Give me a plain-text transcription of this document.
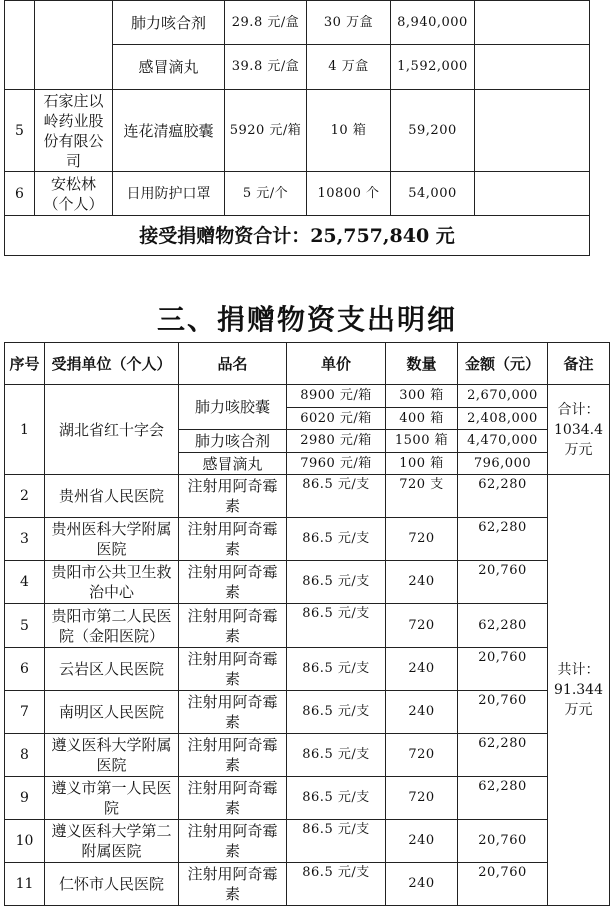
		肺力咳合剂	29.8 元/盒	30 万盒	8,940,000	
		感冒滴丸	39.8 元/盒	4 万盒	1,592,000	
5	石家庄以岭药业股份有限公司	连花清瘟胶囊	5920 元/箱	10 箱	59,200	
6	安松林（个人）	日用防护口罩	5 元/个	10800 个	54,000	
接受捐赠物资合计：25,757,840 元						
三、捐赠物资支出明细
序号	受捐单位（个人）	品名	单价	数量	金额（元）	备注
1	湖北省红十字会	肺力咳胶囊	8900 元/箱	300 箱	2,670,000	合计：1034.4 万元
			6020 元/箱	400 箱	2,408,000	
		肺力咳合剂	2980 元/箱	1500 箱	4,470,000	
		感冒滴丸	7960 元/箱	100 箱	796,000	
2	贵州省人民医院	注射用阿奇霉素	86.5 元/支	720 支	62,280	共计：91.344 万元
3	贵州医科大学附属医院	注射用阿奇霉素	86.5 元/支	720	62,280	
4	贵阳市公共卫生救治中心	注射用阿奇霉素	86.5 元/支	240	20,760	
5	贵阳市第二人民医院（金阳医院）	注射用阿奇霉素	86.5 元/支	720	62,280	
6	云岩区人民医院	注射用阿奇霉素	86.5 元/支	240	20,760	
7	南明区人民医院	注射用阿奇霉素	86.5 元/支	240	20,760	
8	遵义医科大学附属医院	注射用阿奇霉素	86.5 元/支	720	62,280	
9	遵义市第一人民医院	注射用阿奇霉素	86.5 元/支	720	62,280	
10	遵义医科大学第二附属医院	注射用阿奇霉素	86.5 元/支	240	20,760	
11	仁怀市人民医院	注射用阿奇霉素	86.5 元/支	240	20,760	
